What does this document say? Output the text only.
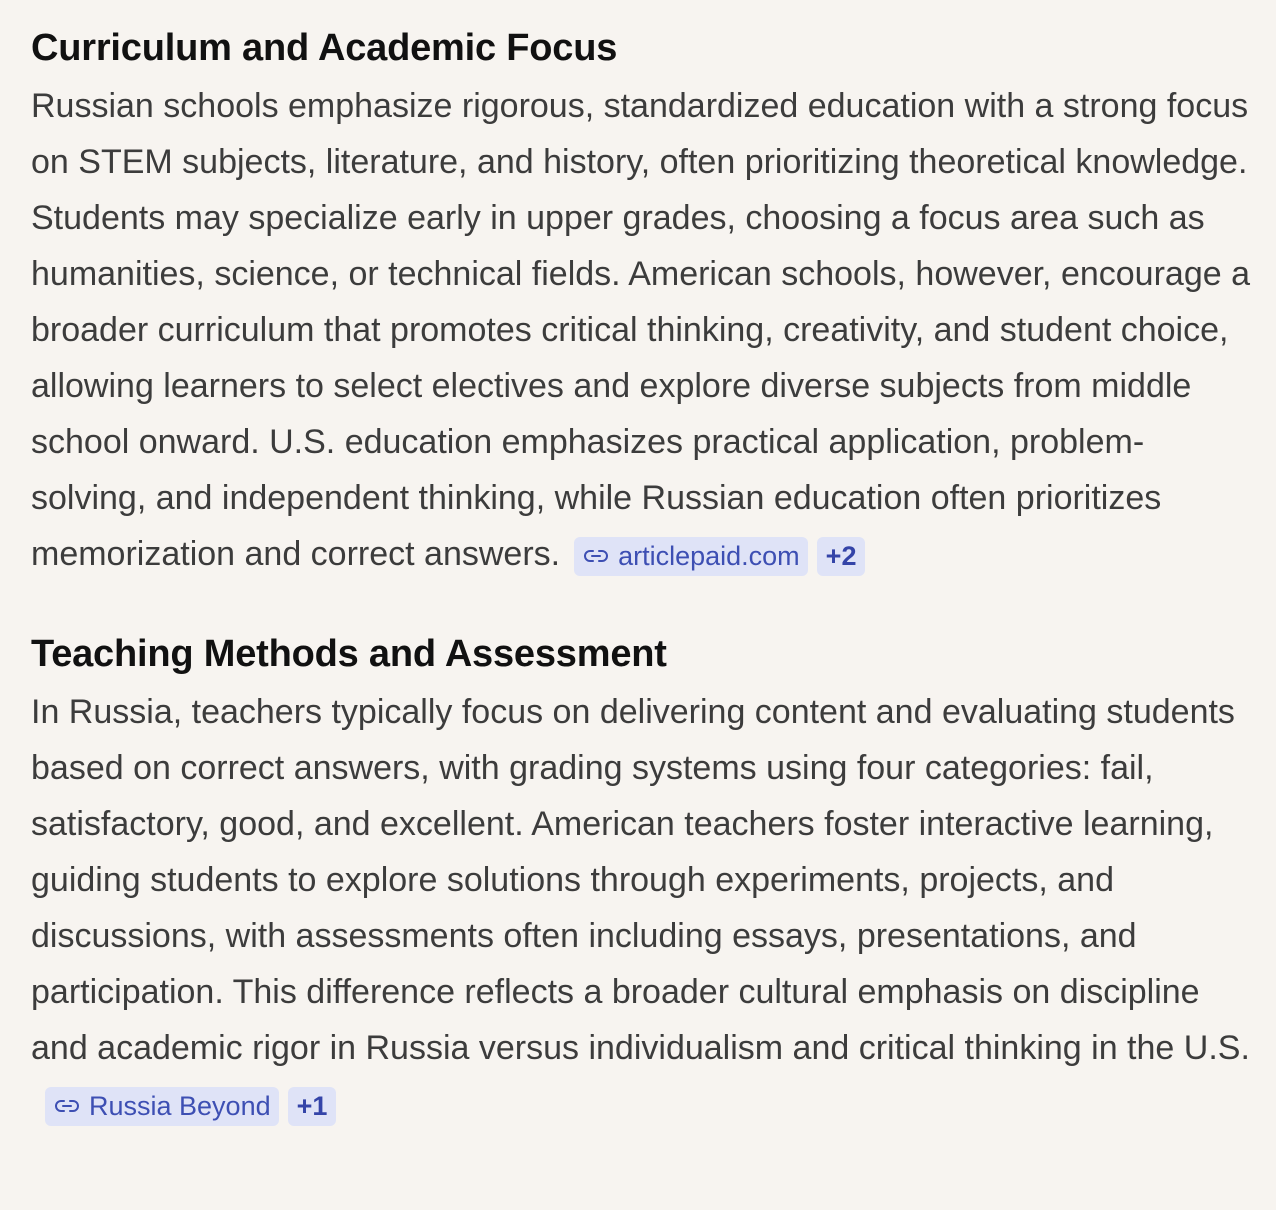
Curriculum and Academic Focus

Russian schools emphasize rigorous, standardized education with a strong focus on STEM subjects, literature, and history, often prioritizing theoretical knowledge. Students may specialize early in upper grades, choosing a focus area such as humanities, science, or technical fields. American schools, however, encourage a broader curriculum that promotes critical thinking, creativity, and student choice, allowing learners to select electives and explore diverse subjects from middle school onward. U.S. education emphasizes practical application, problem-solving, and independent thinking, while Russian education often prioritizes memorization and correct answers. articlepaid.com +2

Teaching Methods and Assessment

In Russia, teachers typically focus on delivering content and evaluating students based on correct answers, with grading systems using four categories: fail, satisfactory, good, and excellent. American teachers foster interactive learning, guiding students to explore solutions through experiments, projects, and discussions, with assessments often including essays, presentations, and participation. This difference reflects a broader cultural emphasis on discipline and academic rigor in Russia versus individualism and critical thinking in the U.S.
Russia Beyond +1
